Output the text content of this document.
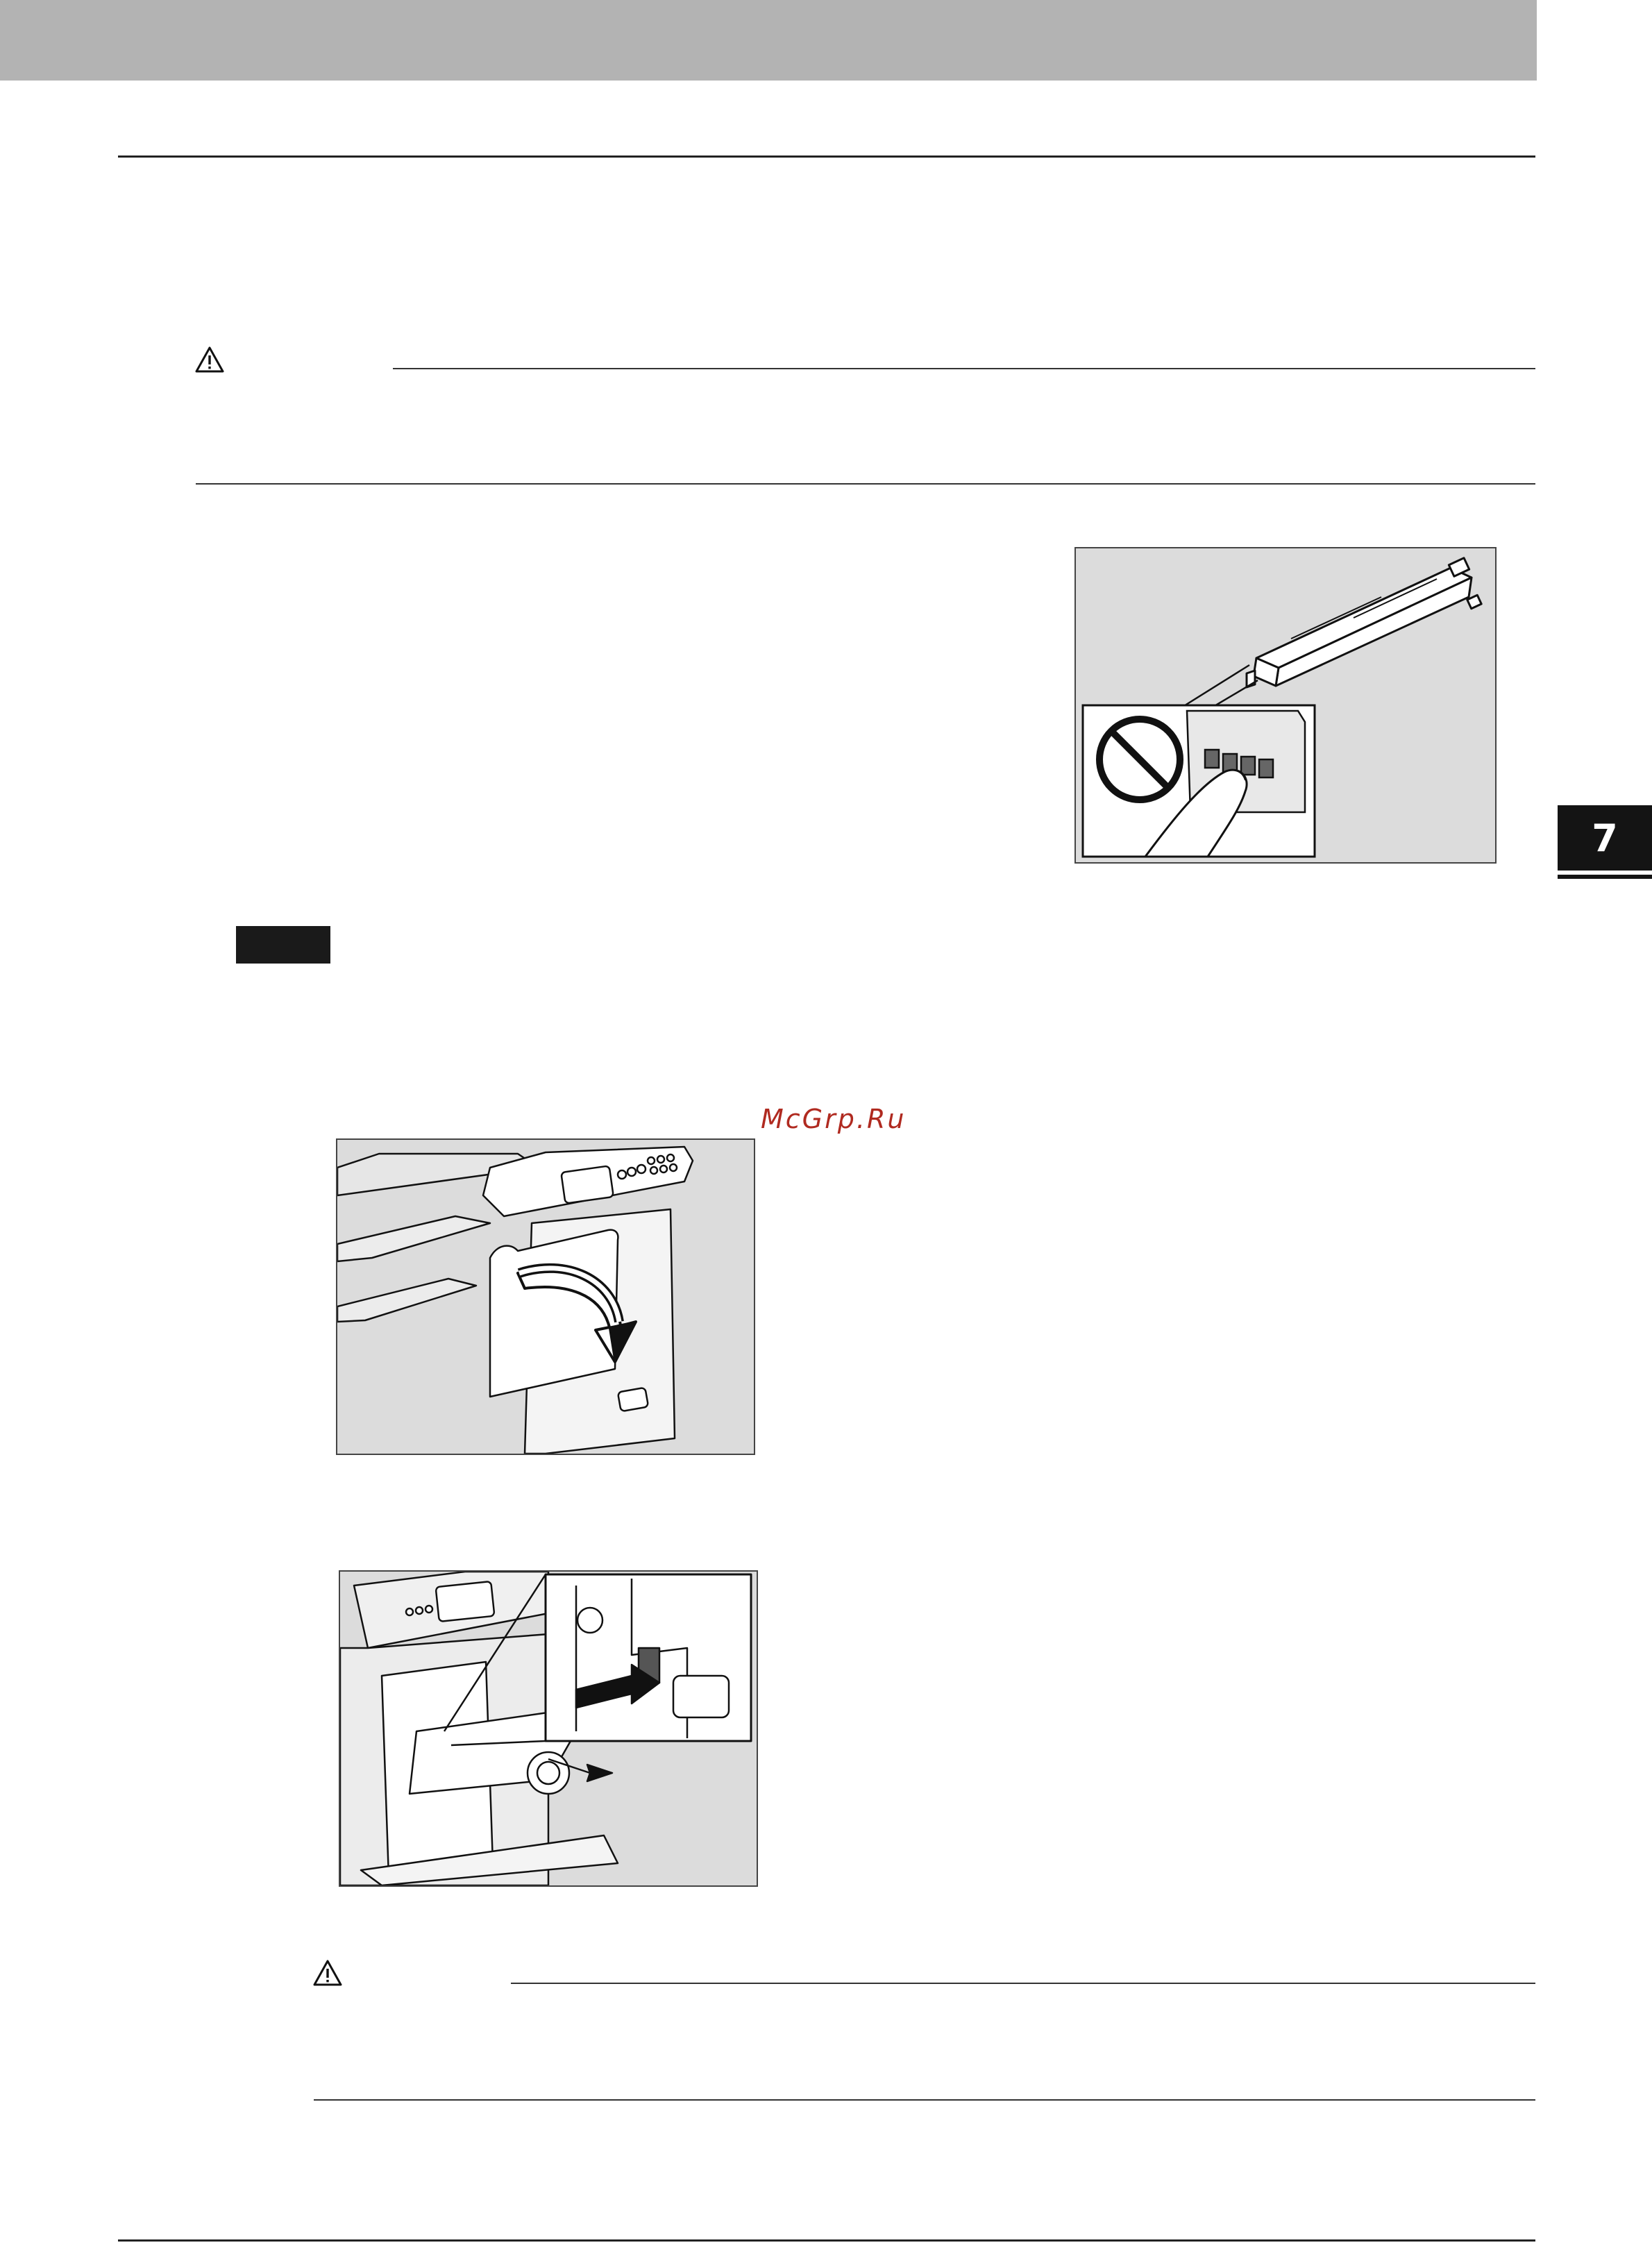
7
McGrp.Ru
